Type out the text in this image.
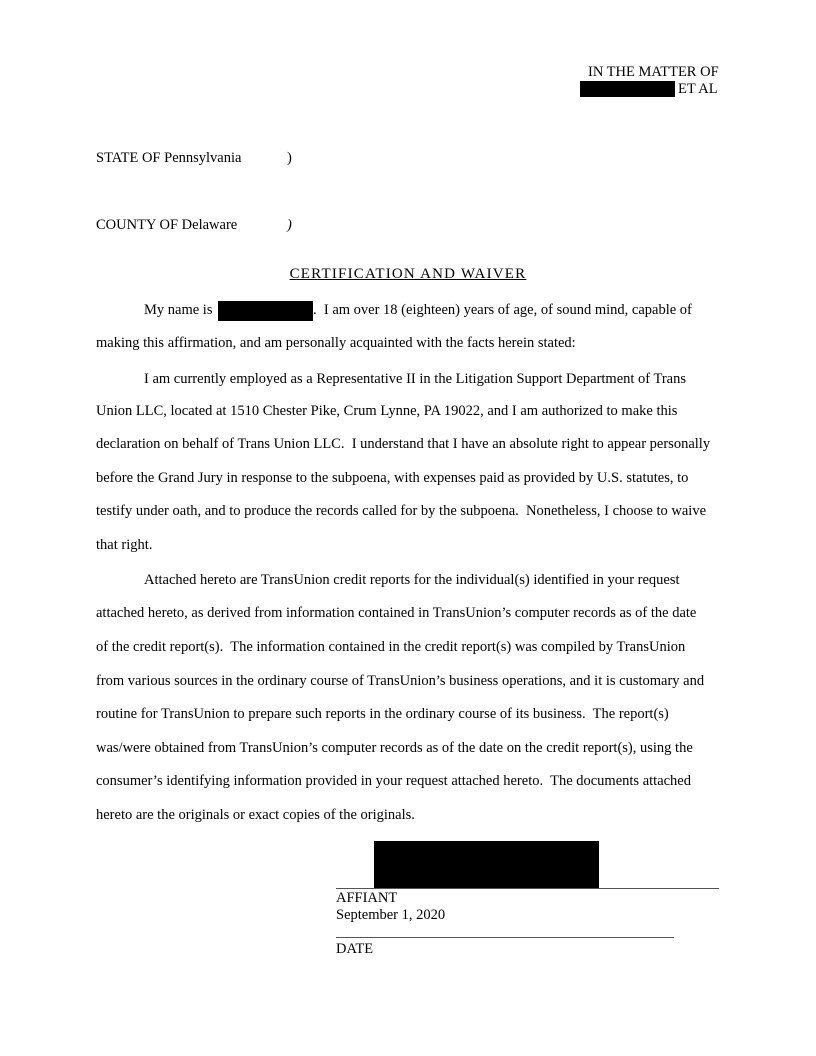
IN THE MATTER OF
ET AL
STATE OF Pennsylvania	)
COUNTY OF Delaware	)
CERTIFICATION AND WAIVER
My name is	.  I am over 18 (eighteen) years of age, of sound mind, capable of
making this affirmation, and am personally acquainted with the facts herein stated:
I am currently employed as a Representative II in the Litigation Support Department of Trans
Union LLC, located at 1510 Chester Pike, Crum Lynne, PA 19022, and I am authorized to make this
declaration on behalf of Trans Union LLC.  I understand that I have an absolute right to appear personally
before the Grand Jury in response to the subpoena, with expenses paid as provided by U.S. statutes, to
testify under oath, and to produce the records called for by the subpoena.  Nonetheless, I choose to waive
that right.
Attached hereto are TransUnion credit reports for the individual(s) identified in your request
attached hereto, as derived from information contained in TransUnion’s computer records as of the date
of the credit report(s).  The information contained in the credit report(s) was compiled by TransUnion
from various sources in the ordinary course of TransUnion’s business operations, and it is customary and
routine for TransUnion to prepare such reports in the ordinary course of its business.  The report(s)
was/were obtained from TransUnion’s computer records as of the date on the credit report(s), using the
consumer’s identifying information provided in your request attached hereto.  The documents attached
hereto are the originals or exact copies of the originals.
AFFIANT
September 1, 2020
DATE
